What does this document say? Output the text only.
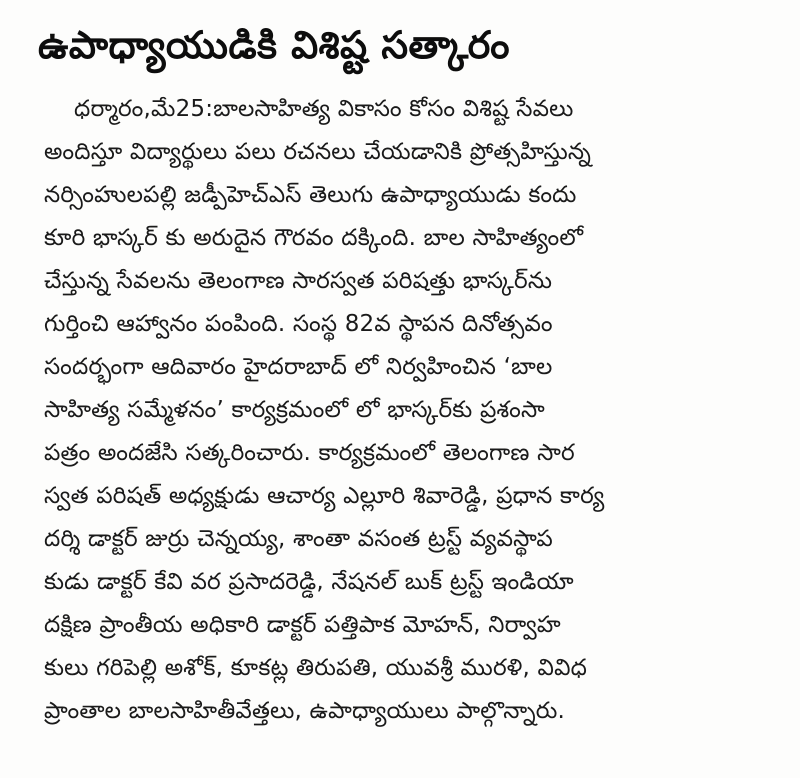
ఉపాధ్యాయుడికి విశిష్ట సత్కారం
ధర్మారం,మే25:బాలసాహిత్య వికాసం కోసం విశిష్ట సేవలు
అందిస్తూ విద్యార్థులు పలు రచనలు చేయడానికి ప్రోత్సహిస్తున్న
నర్సింహులపల్లి జడ్పీహెచ్ఎస్ తెలుగు ఉపాధ్యాయుడు కందు
కూరి భాస్కర్ కు అరుదైన గౌరవం దక్కింది. బాల సాహిత్యంలో
చేస్తున్న సేవలను తెలంగాణ సారస్వత పరిషత్తు భాస్కర్‌ను
గుర్తించి ఆహ్వానం పంపింది. సంస్థ 82వ స్థాపన దినోత్సవం
సందర్భంగా ఆదివారం హైదరాబాద్ లో నిర్వహించిన ‘బాల
సాహిత్య సమ్మేళనం’ కార్యక్రమంలో లో భాస్కర్‌కు ప్రశంసా
పత్రం అందజేసి సత్కరించారు. కార్యక్రమంలో తెలంగాణ సార
స్వత పరిషత్ అధ్యక్షుడు ఆచార్య ఎల్లూరి శివారెడ్డి, ప్రధాన కార్య
దర్శి డాక్టర్ జుర్రు చెన్నయ్య, శాంతా వసంత ట్రస్ట్ వ్యవస్థాప
కుడు డాక్టర్ కేవి వర ప్రసాదరెడ్డి, నేషనల్ బుక్ ట్రస్ట్ ఇండియా
దక్షిణ ప్రాంతీయ అధికారి డాక్టర్ పత్తిపాక మోహన్, నిర్వాహ
కులు గరిపెల్లి అశోక్, కూకట్ల తిరుపతి, యువశ్రీ మురళి, వివిధ
ప్రాంతాల బాలసాహితీవేత్తలు, ఉపాధ్యాయులు పాల్గొన్నారు.
